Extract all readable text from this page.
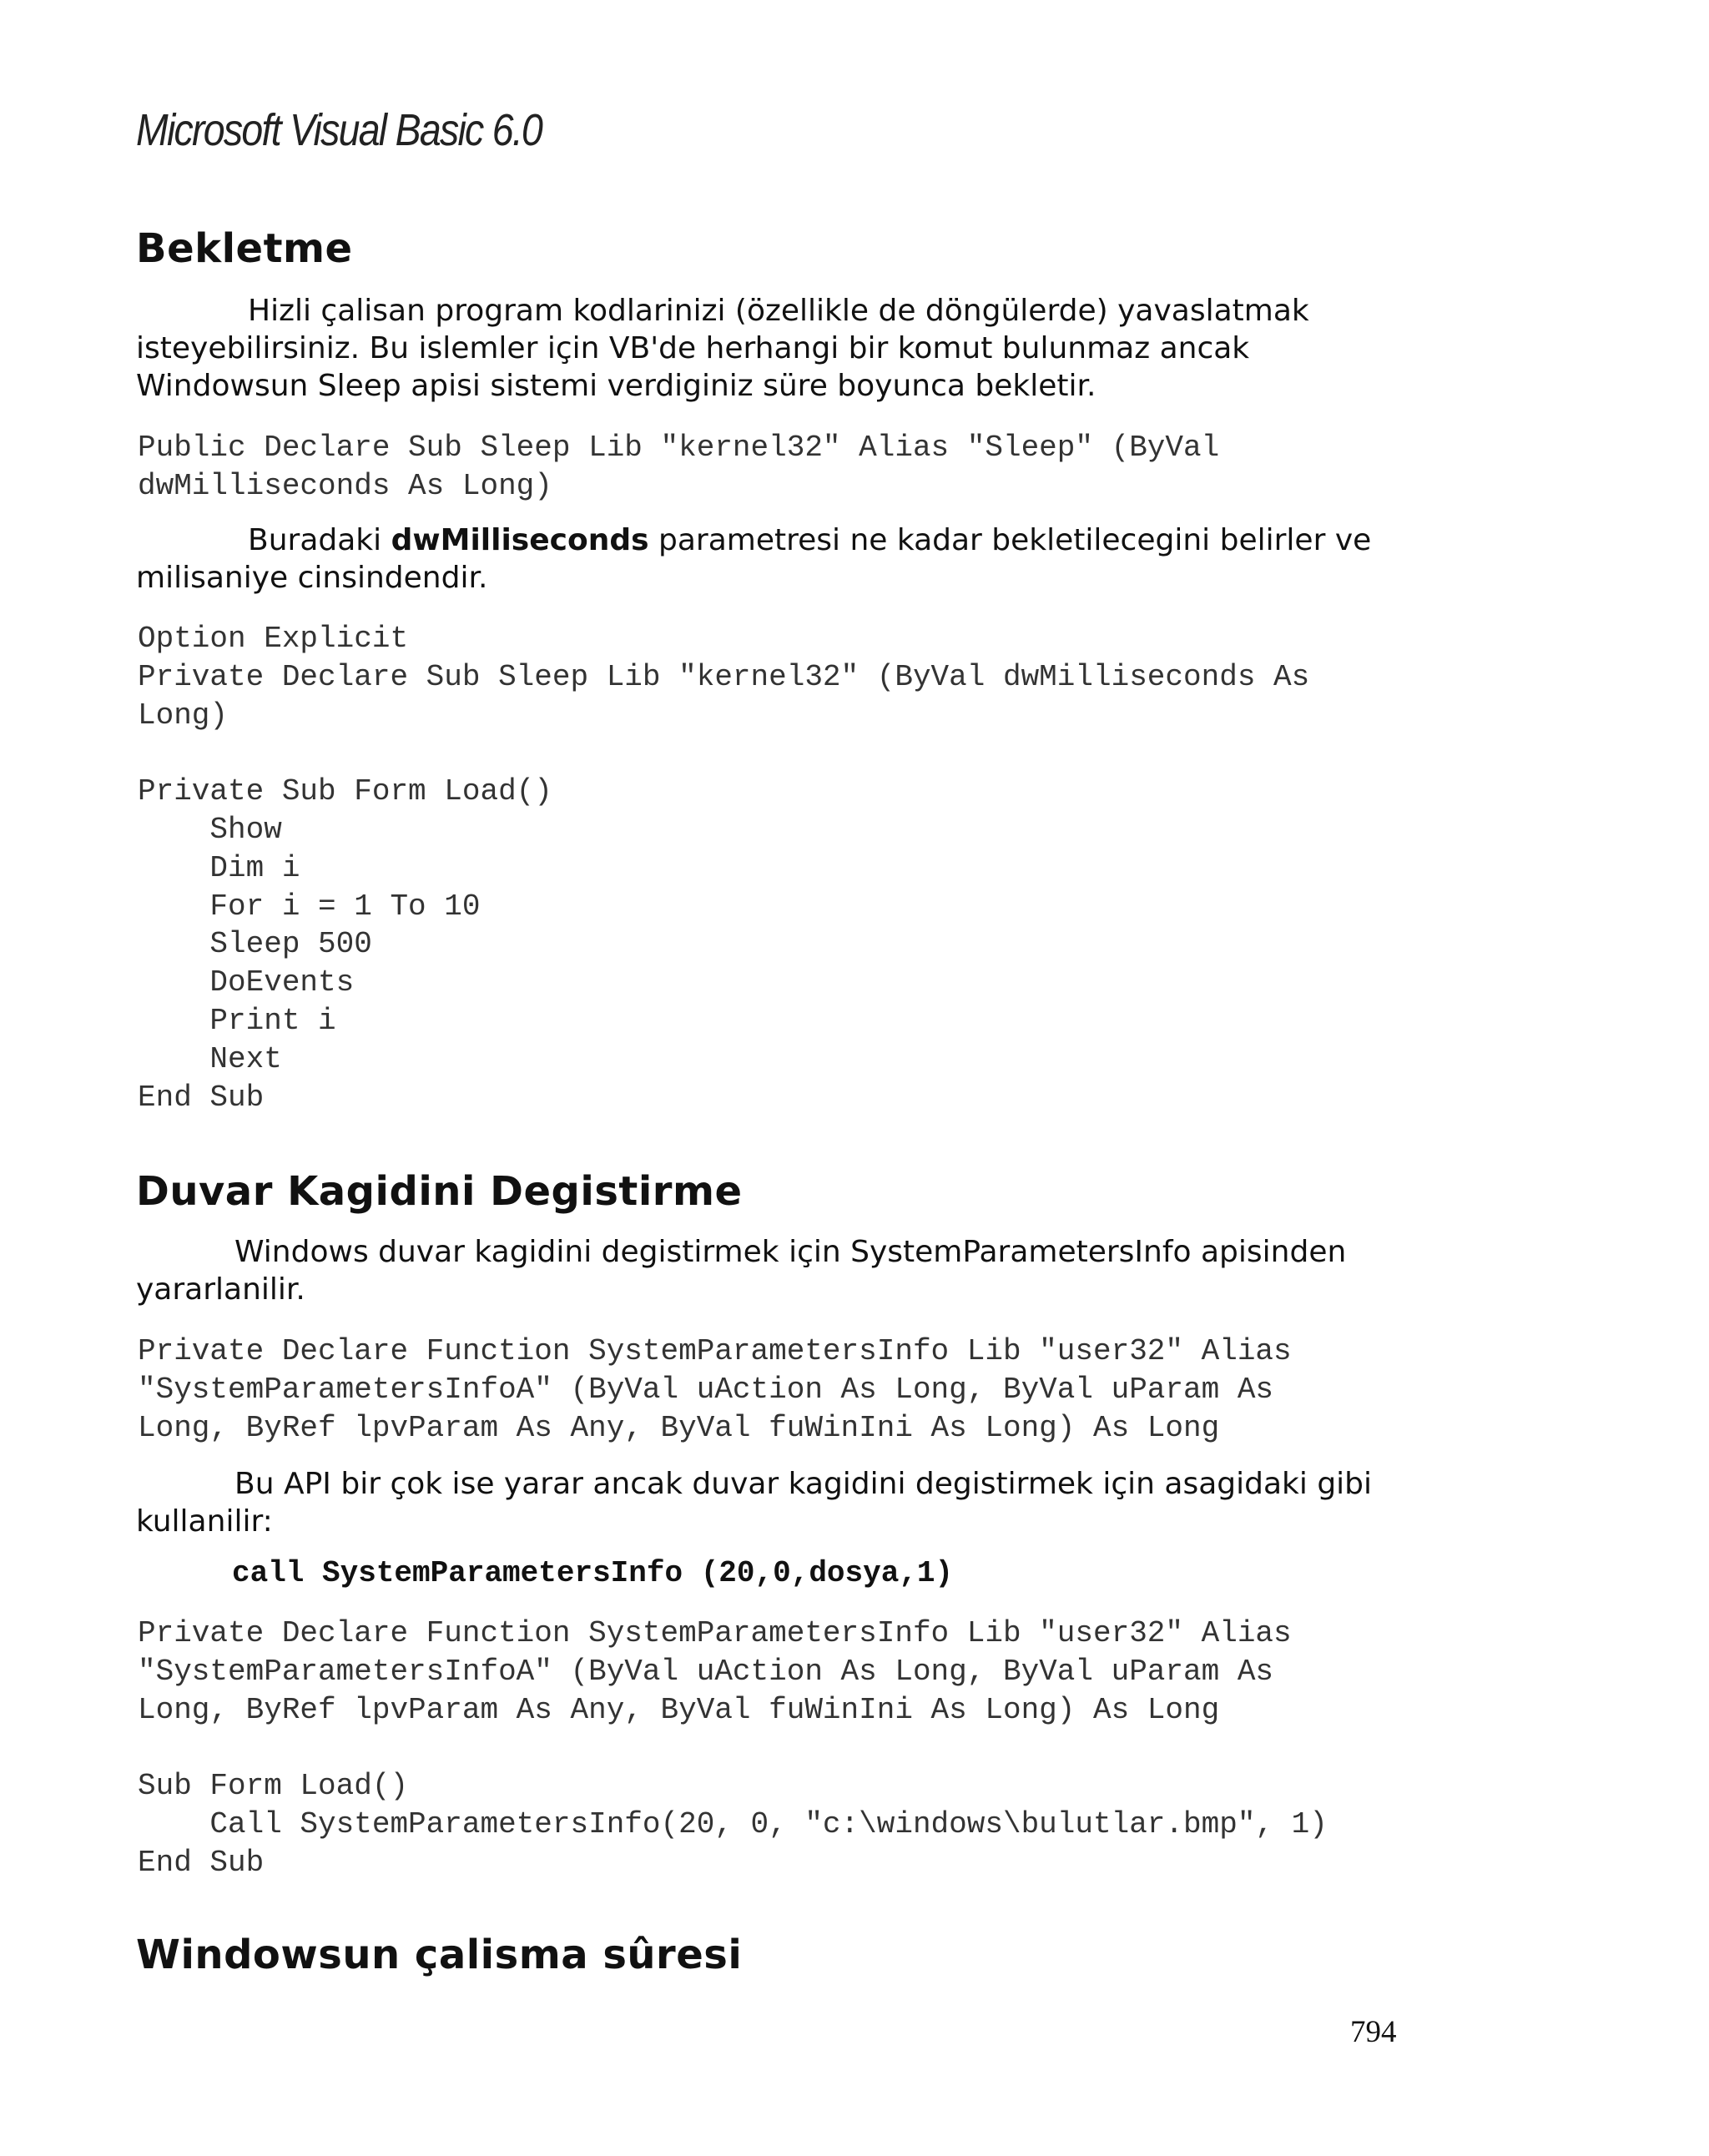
Microsoft Visual Basic 6.0
Bekletme
Hizli çalisan program kodlarinizi (özellikle de döngülerde) yavaslatmak
isteyebilirsiniz. Bu islemler için VB'de herhangi bir komut bulunmaz ancak
Windowsun Sleep apisi sistemi verdiginiz süre boyunca bekletir.
Public Declare Sub Sleep Lib "kernel32" Alias "Sleep" (ByVal
dwMilliseconds As Long)
Buradaki dwMilliseconds parametresi ne kadar bekletilecegini belirler ve
milisaniye cinsindendir.
Option Explicit
Private Declare Sub Sleep Lib "kernel32" (ByVal dwMilliseconds As
Long)
Private Sub Form Load()
Show
Dim i
For i = 1 To 10
Sleep 500
DoEvents
Print i
Next
End Sub
Duvar Kagidini Degistirme
Windows duvar kagidini degistirmek için SystemParametersInfo apisinden
yararlanilir.
Private Declare Function SystemParametersInfo Lib "user32" Alias
"SystemParametersInfoA" (ByVal uAction As Long, ByVal uParam As
Long, ByRef lpvParam As Any, ByVal fuWinIni As Long) As Long
Bu API bir çok ise yarar ancak duvar kagidini degistirmek için asagidaki gibi
kullanilir:
call SystemParametersInfo (20,0,dosya,1)
Private Declare Function SystemParametersInfo Lib "user32" Alias
"SystemParametersInfoA" (ByVal uAction As Long, ByVal uParam As
Long, ByRef lpvParam As Any, ByVal fuWinIni As Long) As Long
Sub Form Load()
Call SystemParametersInfo(20, 0, "c:\windows\bulutlar.bmp", 1)
End Sub
Windowsun çalisma sûresi
794
